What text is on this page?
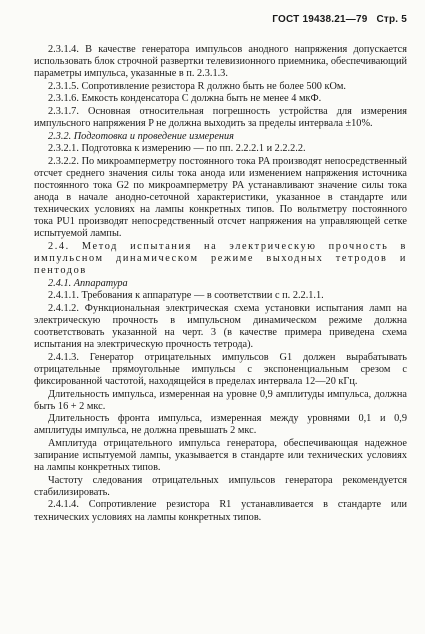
ГОСТ 19438.21—79 Стр. 5

2.3.1.4. В качестве генератора импульсов анодного напряжения допускается использовать блок строчной развертки телевизионного приемника, обеспечивающий параметры импульса, указанные в п. 2.3.1.3.

2.3.1.5. Сопротивление резистора R должно быть не более 500 кОм.

2.3.1.6. Емкость конденсатора C должна быть не менее 4 мкФ.

2.3.1.7. Основная относительная погрешность устройства для измерения импульсного напряжения P не должна выходить за пределы интервала ±10%.

2.3.2. Подготовка и проведение измерения

2.3.2.1. Подготовка к измерению — по пп. 2.2.2.1 и 2.2.2.2.

2.3.2.2. По микроамперметру постоянного тока PA производят непосредственный отсчет среднего значения силы тока анода или изменением напряжения источника постоянного тока G2 по микроамперметру PA устанавливают значение силы тока анода в начале анодно-сеточной характеристики, указанное в стандарте или технических условиях на лампы конкретных типов. По вольтметру постоянного тока PU1 производят непосредственный отсчет напряжения на управляющей сетке испытуемой лампы.

2.4. Метод испытания на электрическую прочность в импульсном динамическом режиме выходных тетродов и пентодов

2.4.1. Аппаратура

2.4.1.1. Требования к аппаратуре — в соответствии с п. 2.2.1.1.

2.4.1.2. Функциональная электрическая схема установки испытания ламп на электрическую прочность в импульсном динамическом режиме должна соответствовать указанной на черт. 3 (в качестве примера приведена схема испытания на электрическую прочность тетрода).

2.4.1.3. Генератор отрицательных импульсов G1 должен вырабатывать отрицательные прямоугольные импульсы с экспоненциальным срезом с фиксированной частотой, находящейся в пределах интервала 12—20 кГц.

Длительность импульса, измеренная на уровне 0,9 амплитуды импульса, должна быть 16 + 2 мкс.

Длительность фронта импульса, измеренная между уровнями 0,1 и 0,9 амплитуды импульса, не должна превышать 2 мкс.

Амплитуда отрицательного импульса генератора, обеспечивающая надежное запирание испытуемой лампы, указывается в стандарте или технических условиях на лампы конкретных типов.

Частоту следования отрицательных импульсов генератора рекомендуется стабилизировать.

2.4.1.4. Сопротивление резистора R1 устанавливается в стандарте или технических условиях на лампы конкретных типов.
